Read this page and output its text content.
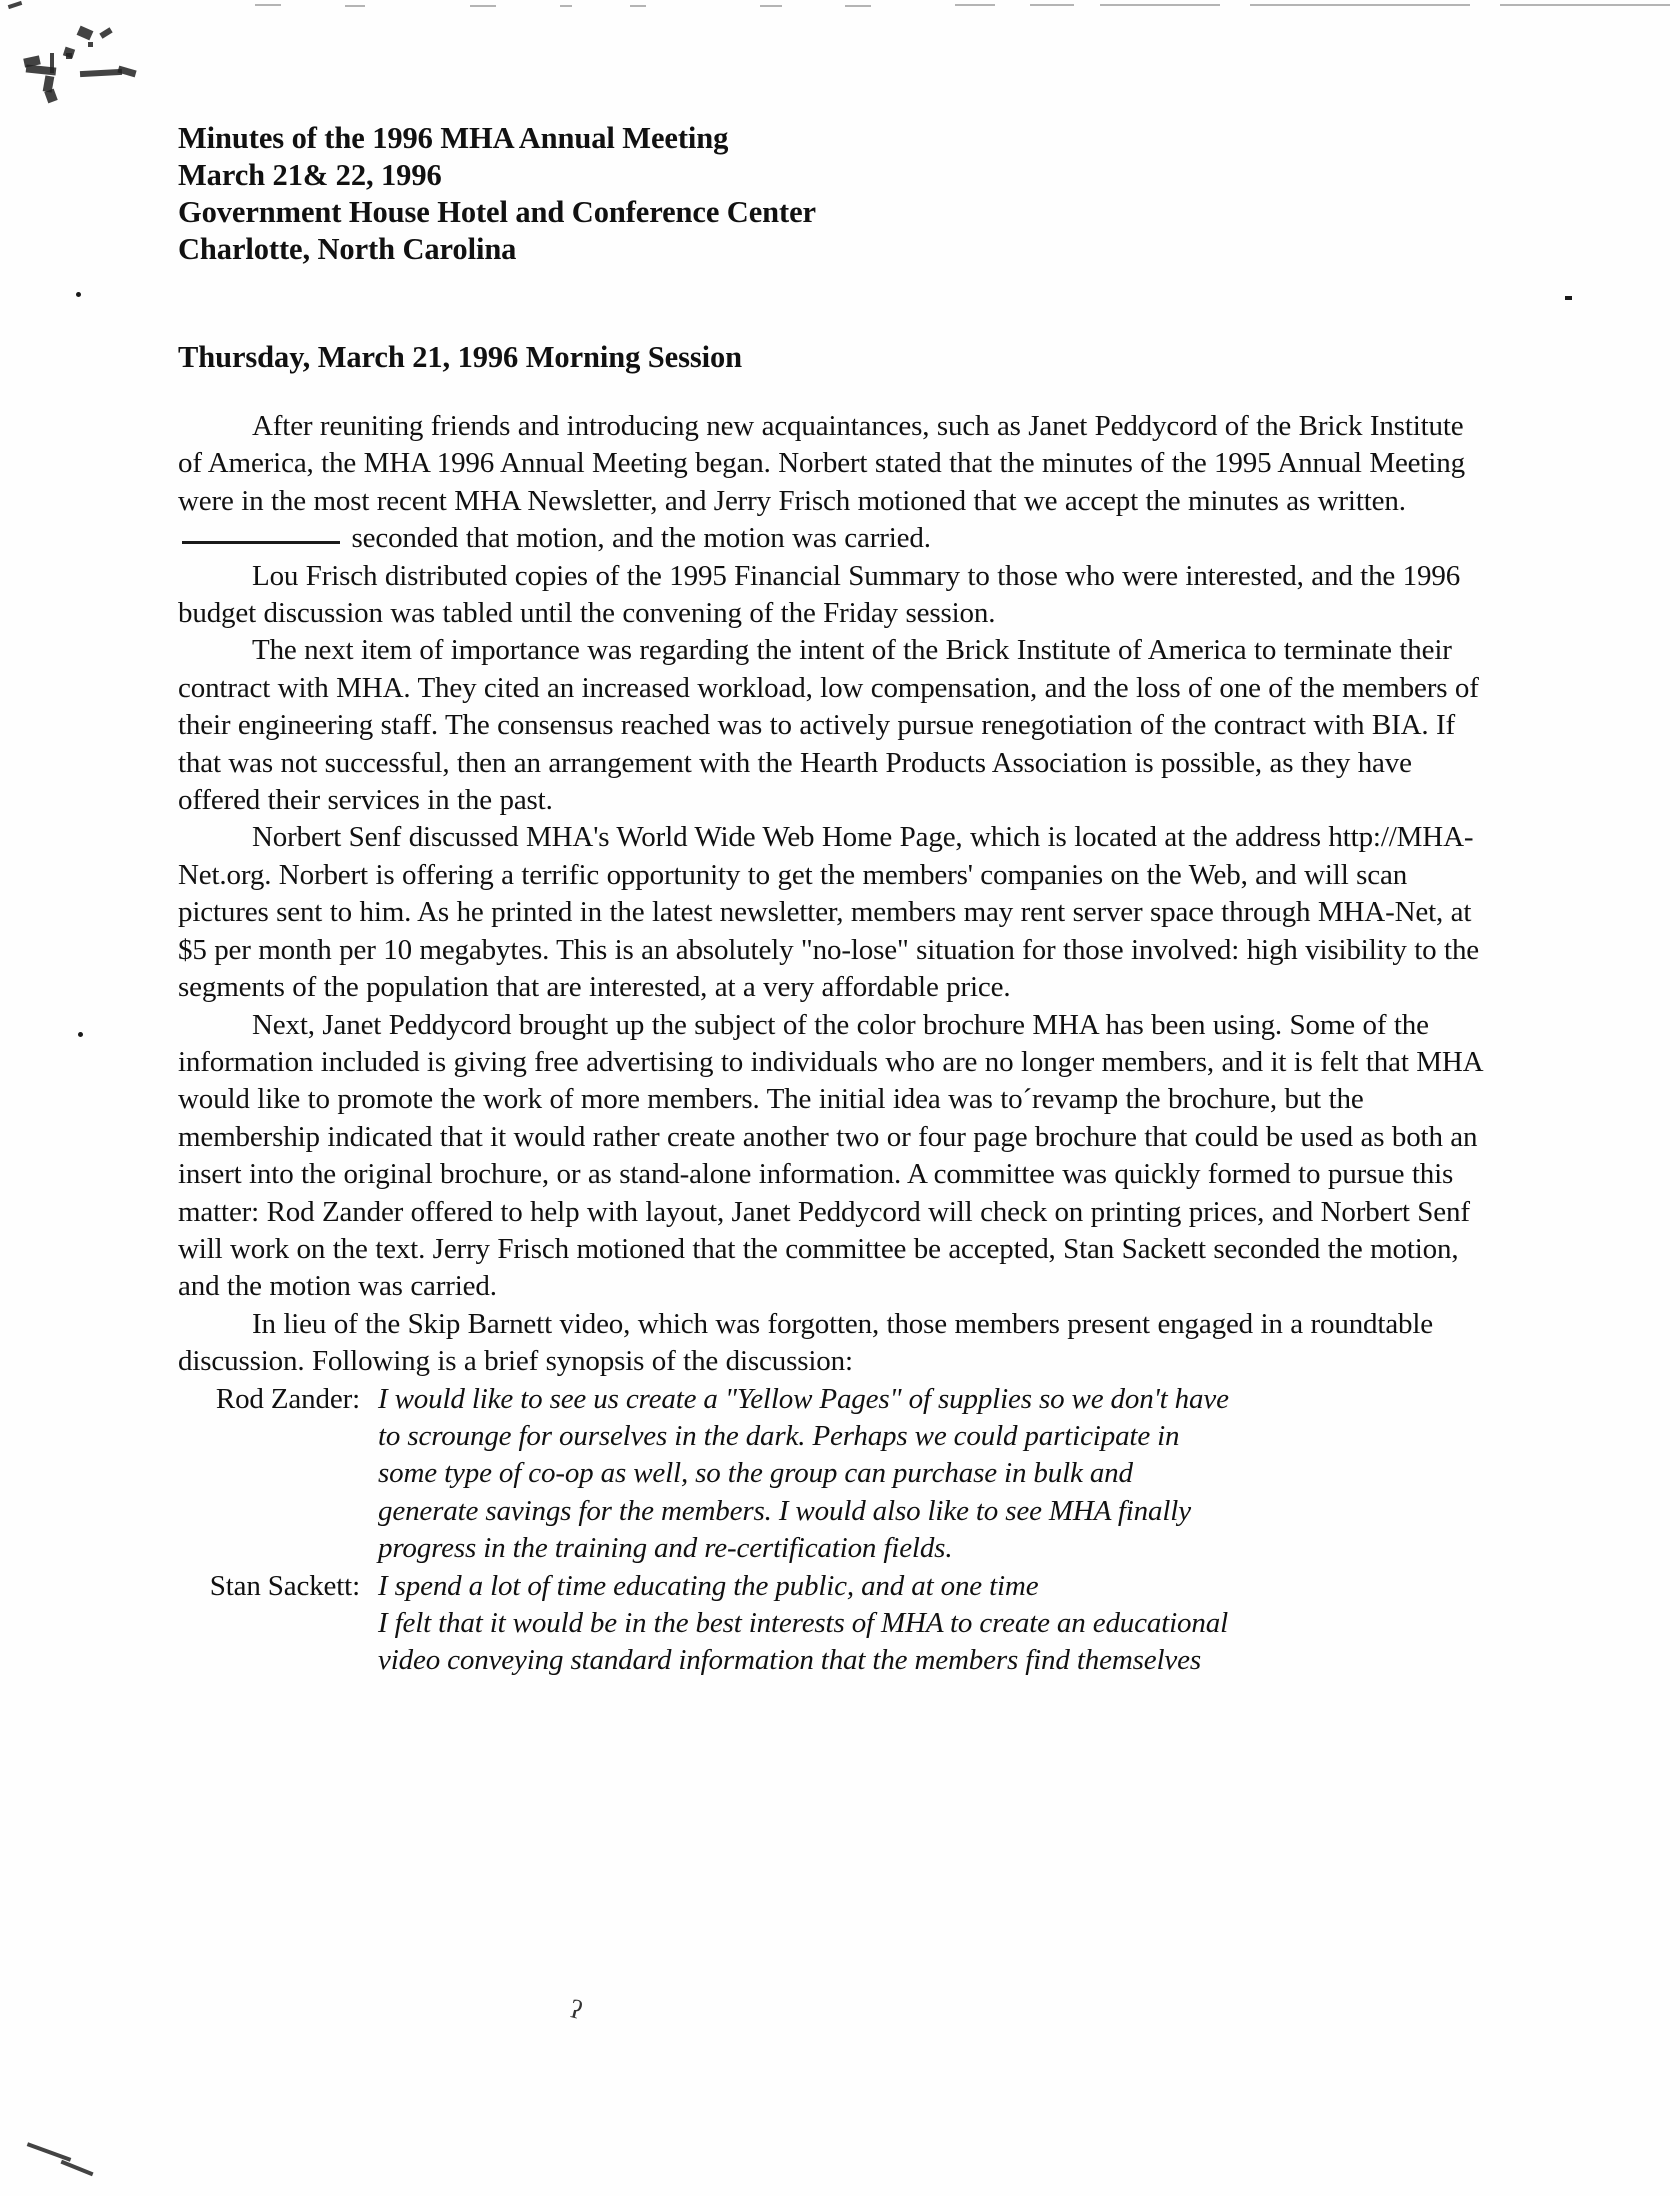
Minutes of the 1996 MHA Annual Meeting
March 21& 22, 1996
Government House Hotel and Conference Center
Charlotte, North Carolina
Thursday, March 21, 1996 Morning Session

After reuniting friends and introducing new acquaintances, such as Janet Peddycord of the Brick Institute of America, the MHA 1996 Annual Meeting began. Norbert stated that the minutes of the 1995 Annual Meeting were in the most recent MHA Newsletter, and Jerry Frisch motioned that we accept the minutes as written.  seconded that motion, and the motion was carried.

Lou Frisch distributed copies of the 1995 Financial Summary to those who were interested, and the 1996 budget discussion was tabled until the convening of the Friday session.

The next item of importance was regarding the intent of the Brick Institute of America to terminate their contract with MHA. They cited an increased workload, low compensation, and the loss of one of the members of their engineering staff. The consensus reached was to actively pursue renegotiation of the contract with BIA. If that was not successful, then an arrangement with the Hearth Products Association is possible, as they have offered their services in the past.

Norbert Senf discussed MHA's World Wide Web Home Page, which is located at the address http://MHA-Net.org. Norbert is offering a terrific opportunity to get the members' companies on the Web, and will scan pictures sent to him. As he printed in the latest newsletter, members may rent server space through MHA-Net, at $5 per month per 10 megabytes. This is an absolutely "no-lose" situation for those involved: high visibility to the segments of the population that are interested, at a very affordable price.

Next, Janet Peddycord brought up the subject of the color brochure MHA has been using. Some of the information included is giving free advertising to individuals who are no longer members, and it is felt that MHA would like to promote the work of more members. The initial idea was to´revamp the brochure, but the membership indicated that it would rather create another two or four page brochure that could be used as both an insert into the original brochure, or as stand-alone information. A committee was quickly formed to pursue this matter: Rod Zander offered to help with layout, Janet Peddycord will check on printing prices, and Norbert Senf will work on the text. Jerry Frisch motioned that the committee be accepted, Stan Sackett seconded the motion, and the motion was carried.

In lieu of the Skip Barnett video, which was forgotten, those members present engaged in a roundtable discussion. Following is a brief synopsis of the discussion:

Rod Zander: I would like to see us create a "Yellow Pages" of supplies so we don't have
to scrounge for ourselves in the dark. Perhaps we could participate in
some type of co-op as well, so the group can purchase in bulk and
generate savings for the members. I would also like to see MHA finally
progress in the training and re-certification fields.
Stan Sackett: I spend a lot of time educating the public, and at one time
I felt that it would be in the best interests of MHA to create an educational
video conveying standard information that the members find themselves
ʔ
